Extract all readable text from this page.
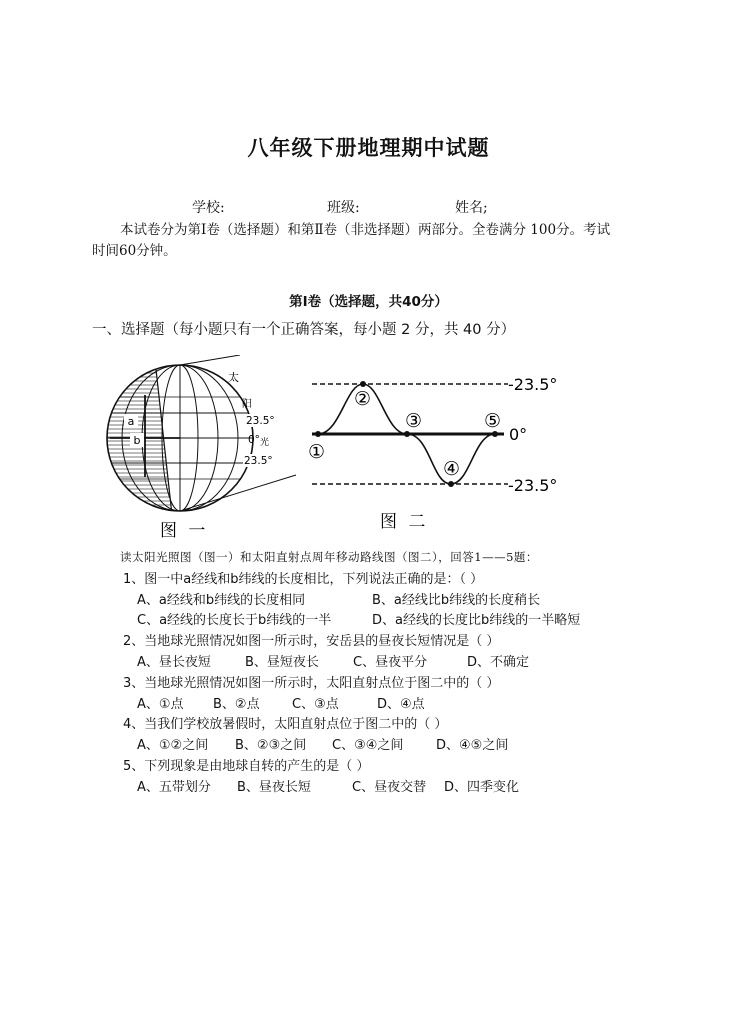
八年级下册地理期中试题
学校:	班级:	姓名;
本试卷分为第Ⅰ卷（选择题）和第Ⅱ卷（非选择题）两部分。全卷满分 100分。考试
时间60分钟。
第Ⅰ卷（选择题，共40分）
一、选择题（每小题只有一个正确答案，每小题 2 分，共 40 分）
a
b
太
阳
光
23.5°
0°
23.5°
图 一
①
②
③
④
⑤
-23.5°
0°
-23.5°
图 二
读太阳光照图（图一）和太阳直射点周年移动路线图（图二），回答1——5题：
1、图一中a经线和b纬线的长度相比，下列说法正确的是：（ ）
A、a经线和b纬线的长度相同	B、a经线比b纬线的长度稍长
C、a经线的长度长于b纬线的一半	D、a经线的长度比b纬线的一半略短
2、当地球光照情况如图一所示时，安岳县的昼夜长短情况是（ ）
A、昼长夜短	B、昼短夜长	C、昼夜平分	D、不确定
3、当地球光照情况如图一所示时，太阳直射点位于图二中的（ ）
A、①点 B、②点 C、③点	D、④点
4、当我们学校放暑假时，太阳直射点位于图二中的（ ）
A、①②之间 B、②③之间 C、③④之间	D、④⑤之间
5、下列现象是由地球自转的产生的是（ ）
A、五带划分 B、昼夜长短	C、昼夜交替 D、四季变化
